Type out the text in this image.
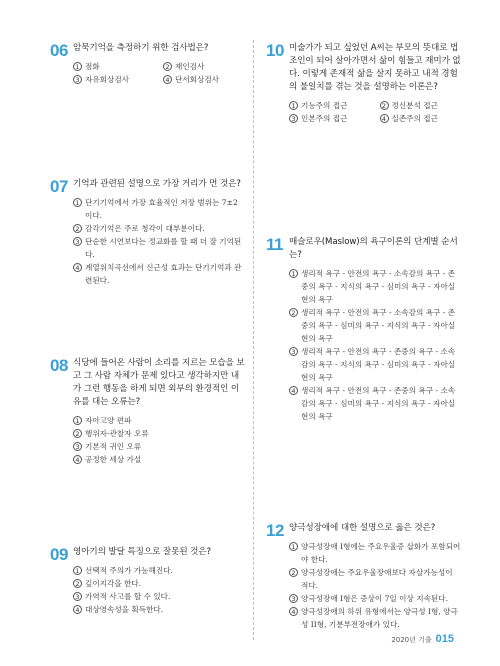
06 암묵기억을 측정하기 위한 검사법은?
1 점화	2 재인검사
3 자유회상검사	4 단서회상검사
07 기억과 관련된 설명으로 가장 거리가 먼 것은?
1 단기기억에서 가장 효율적인 저장 범위는 7±2이다.
2 감각기억은 주로 청각이 대부분이다.
3 단순한 시연보다는 정교화를 할 때 더 잘 기억된다.
4 계열위치곡선에서 신근성 효과는 단기기억과 관련된다.
08 식당에 들어온 사람이 소리를 지르는 모습을 보고 그 사람 자체가 문제 있다고 생각하지만 내가 그런 행동을 하게 되면 외부의 환경적인 이유를 대는 오류는?
1 자아고양 편파
2 행위자-관찰자 오류
3 기본적 귀인 오류
4 공정한 세상 가설
09 영아기의 발달 특징으로 잘못된 것은?
1 선택적 주의가 가능해진다.
2 깊이지각을 한다.
3 가역적 사고를 할 수 있다.
4 대상영속성을 획득한다.
10 미술가가 되고 싶었던 A씨는 부모의 뜻대로 법조인이 되어 살아가면서 삶이 힘들고 재미가 없다. 이렇게 존재적 삶을 살지 못하고 내적 경험의 불일치를 겪는 것을 설명하는 이론은?
1 기능주의 접근	2 정신분석 접근
3 인본주의 접근	4 실존주의 접근
11 매슬로우(Maslow)의 욕구이론의 단계별 순서는?
1 생리적 욕구 - 안전의 욕구 - 소속감의 욕구 - 존중의 욕구 - 지식의 욕구 - 심미의 욕구 - 자아실현의 욕구
2 생리적 욕구 - 안전의 욕구 - 소속감의 욕구 - 존중의 욕구 - 심미의 욕구 - 지식의 욕구 - 자아실현의 욕구
3 생리적 욕구 - 안전의 욕구 - 존중의 욕구 - 소속감의 욕구 - 지식의 욕구 - 심미의 욕구 - 자아실현의 욕구
4 생리적 욕구 - 안전의 욕구 - 존중의 욕구 - 소속감의 욕구 - 심미의 욕구 - 지식의 욕구 - 자아실현의 욕구
12 양극성장애에 대한 설명으로 옳은 것은?
1 양극성장애 I형에는 주요우울증 삽화가 포함되어야 한다.
2 양극성장애는 주요우울장애보다 자살가능성이 적다.
3 양극성장애 I형은 증상이 7일 이상 지속된다.
4 양극성장애의 하위 유형에서는 양극성 I형, 양극성 II형, 기분부전장애가 있다.
2020년 기출 015
